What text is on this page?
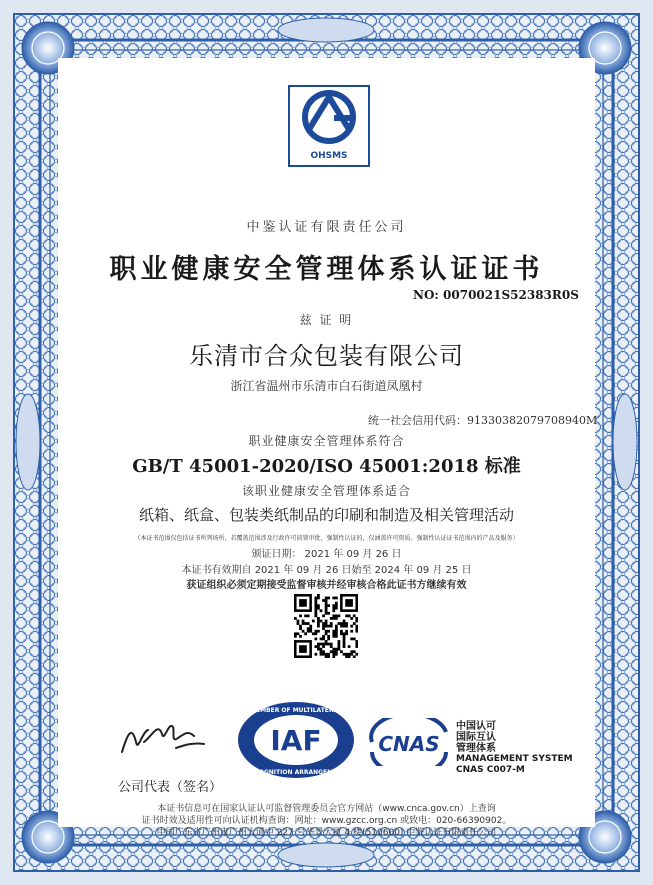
OHSMS
中鉴认证有限责任公司
职业健康安全管理体系认证证书
NO: 0070021S52383R0S
兹 证 明
乐清市合众包装有限公司
浙江省温州市乐清市白石街道凤凰村
统一社会信用代码：91330382079708940M
职业健康安全管理体系符合
GB/T 45001-2020/ISO 45001:2018 标准
该职业健康安全管理体系适合
纸箱、纸盒、包装类纸制品的印刷和制造及相关管理活动
（本证书范围仅包括证书所列场所，若覆盖范围涉及行政许可前置审批、强制性认证的，仅涵盖许可资质、强制性认证证书范围内的产品及服务）
颁证日期： 2021 年 09 月 26 日
本证书有效期自 2021 年 09 月 26 日始至 2024 年 09 月 25 日
获证组织必须定期接受监督审核并经审核合格此证书方继续有效
公司代表（签名）
IAF
MEMBER OF MULTILATERAL
RECOGNITION ARRANGEMENT
CNAS
中国认可
国际互认
管理体系
MANAGEMENT SYSTEM
CNAS C007-M
本证书信息可在国家认证认可监督管理委员会官方网站（www.cnca.gov.cn）上查询
证书时效及适用性可向认证机构查询：网址：www.gzcc.org.cn 或致电：020-66390902。
中国广东省广州市广州大道中 227 号华景大厦 4 楼(510600) 中鉴认证有限责任公司
